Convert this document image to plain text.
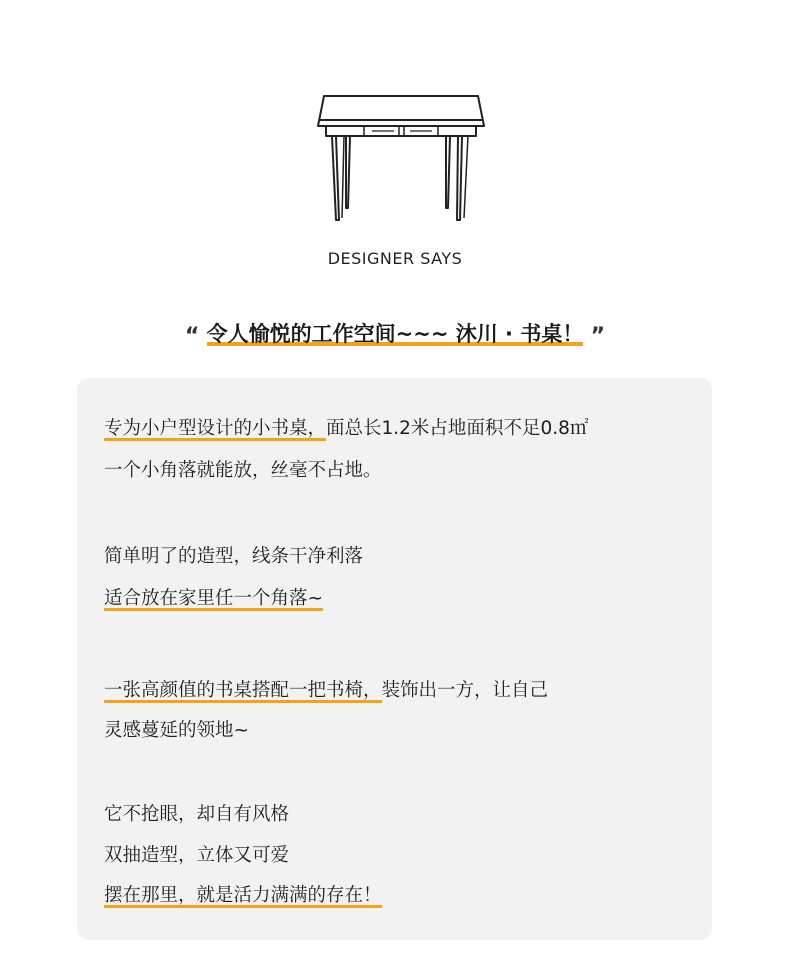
DESIGNER SAYS
“ 令人愉悦的工作空间~~~ 沐川 · 书桌！ ”
专为小户型设计的小书桌，面总长1.2米占地面积不足0.8㎡
一个小角落就能放，丝毫不占地。
简单明了的造型，线条干净利落
适合放在家里任一个角落~
一张高颜值的书桌搭配一把书椅，装饰出一方，让自己
灵感蔓延的领地~
它不抢眼，却自有风格
双抽造型，立体又可爱
摆在那里，就是活力满满的存在！
